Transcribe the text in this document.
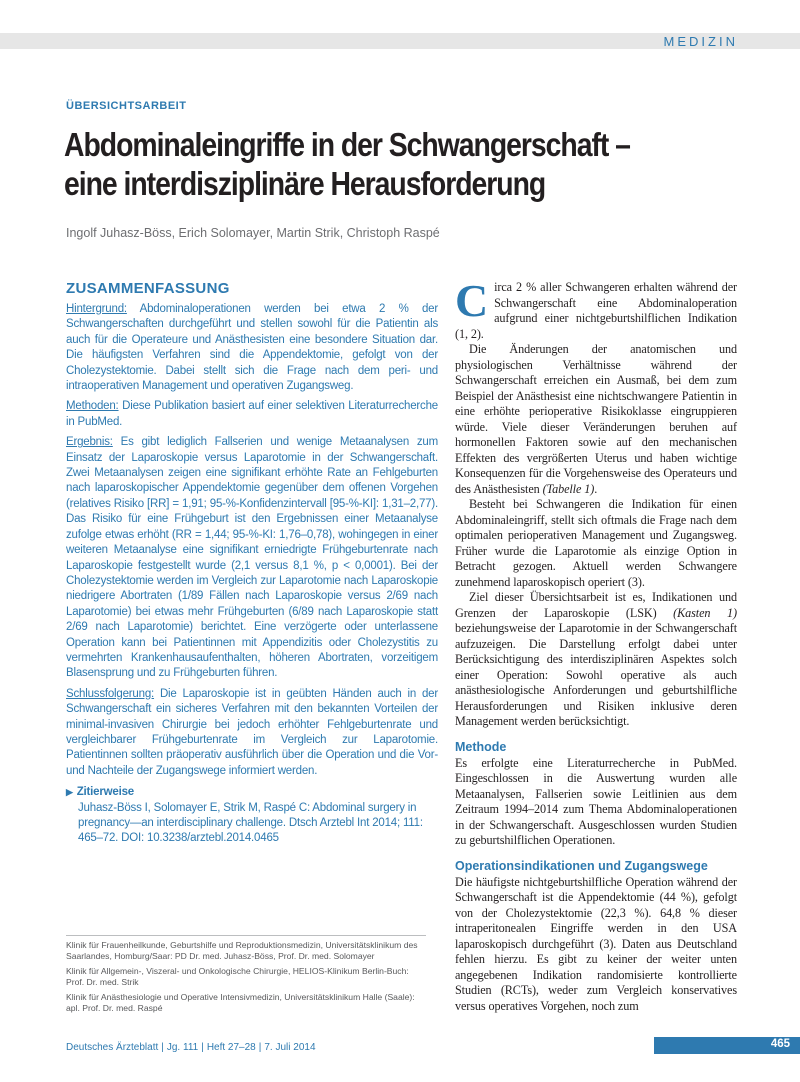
MEDIZIN
ÜBERSICHTSARBEIT
Abdominaleingriffe in der Schwangerschaft –
eine interdisziplinäre Herausforderung
Ingolf Juhasz-Böss, Erich Solomayer, Martin Strik, Christoph Raspé
ZUSAMMENFASSUNG

Hintergrund: Abdominaloperationen werden bei etwa 2 % der Schwangerschaften durchgeführt und stellen sowohl für die Patientin als auch für die Operateure und Anästhesisten eine besondere Situation dar. Die häufigsten Verfahren sind die Appendektomie, gefolgt von der Cholezystektomie. Dabei stellt sich die Frage nach dem peri- und intraoperativen Management und operativen Zugangsweg.

Methoden: Diese Publikation basiert auf einer selektiven Literaturrecherche in PubMed.

Ergebnis: Es gibt lediglich Fallserien und wenige Metaanalysen zum Einsatz der Laparoskopie versus Laparotomie in der Schwangerschaft. Zwei Metaanalysen zeigen eine signifikant erhöhte Rate an Fehlgeburten nach laparoskopischer Appendektomie gegenüber dem offenen Vorgehen (relatives Risiko [RR] = 1,91; 95-%-Konfidenzintervall [95-%-KI]: 1,31–2,77). Das Risiko für eine Frühgeburt ist den Ergebnissen einer Metaanalyse zufolge etwas erhöht (RR = 1,44; 95-%-KI: 1,76–0,78), wohingegen in einer weiteren Metaanalyse eine signifikant erniedrigte Frühgeburtenrate nach Laparoskopie festgestellt wurde (2,1 versus 8,1 %, p < 0,0001). Bei der Cholezystektomie werden im Vergleich zur Laparotomie nach Laparoskopie niedrigere Abortraten (1/89 Fällen nach Laparoskopie versus 2/69 nach Laparotomie) bei etwas mehr Frühgeburten (6/89 nach Laparoskopie statt 2/69 nach Laparotomie) berichtet. Eine verzögerte oder unterlassene Operation kann bei Patientinnen mit Appendizitis oder Cholezystitis zu vermehrten Krankenhausaufenthalten, höheren Abortraten, vorzeitigem Blasensprung und zu Frühgeburten führen.

Schlussfolgerung: Die Laparoskopie ist in geübten Händen auch in der Schwangerschaft ein sicheres Verfahren mit den bekannten Vorteilen der minimal-invasiven Chirurgie bei jedoch erhöhter Fehlgeburtenrate und vergleichbarer Frühgeburtenrate im Vergleich zur Laparotomie. Patientinnen sollten präoperativ ausführlich über die Operation und die Vor- und Nachteile der Zugangswege informiert werden.

▶ Zitierweise
Juhasz-Böss I, Solomayer E, Strik M, Raspé C: Abdominal surgery in pregnancy—an interdisciplinary challenge. Dtsch Arztebl Int 2014; 111: 465–72. DOI: 10.3238/arztebl.2014.0465

Klinik für Frauenheilkunde, Geburtshilfe und Reproduktionsmedizin, Universitätsklinikum des Saarlandes, Homburg/Saar: PD Dr. med. Juhasz-Böss, Prof. Dr. med. Solomayer

Klinik für Allgemein-, Viszeral- und Onkologische Chirurgie, HELIOS-Klinikum Berlin-Buch: Prof. Dr. med. Strik

Klinik für Anästhesiologie und Operative Intensivmedizin, Universitätsklinikum Halle (Saale): apl. Prof. Dr. med. Raspé

Circa 2 % aller Schwangeren erhalten während der Schwangerschaft eine Abdominaloperation aufgrund einer nichtgeburtshilflichen Indikation (1, 2).

Die Änderungen der anatomischen und physiologischen Verhältnisse während der Schwangerschaft erreichen ein Ausmaß, bei dem zum Beispiel der Anästhesist eine nichtschwangere Patientin in eine erhöhte perioperative Risikoklasse eingruppieren würde. Viele dieser Veränderungen beruhen auf hormonellen Faktoren sowie auf den mechanischen Effekten des vergrößerten Uterus und haben wichtige Konsequenzen für die Vorgehensweise des Operateurs und des Anästhesisten (Tabelle 1).

Besteht bei Schwangeren die Indikation für einen Abdominaleingriff, stellt sich oftmals die Frage nach dem optimalen perioperativen Management und Zugangsweg. Früher wurde die Laparotomie als einzige Option in Betracht gezogen. Aktuell werden Schwangere zunehmend laparoskopisch operiert (3).

Ziel dieser Übersichtsarbeit ist es, Indikationen und Grenzen der Laparoskopie (LSK) (Kasten 1) beziehungsweise der Laparotomie in der Schwangerschaft aufzuzeigen. Die Darstellung erfolgt dabei unter Berücksichtigung des interdisziplinären Aspektes solch einer Operation: Sowohl operative als auch anästhesiologische Anforderungen und geburtshilfliche Herausforderungen und Risiken inklusive deren Management werden berücksichtigt.

Methode

Es erfolgte eine Literaturrecherche in PubMed. Eingeschlossen in die Auswertung wurden alle Metaanalysen, Fallserien sowie Leitlinien aus dem Zeitraum 1994–2014 zum Thema Abdominaloperationen in der Schwangerschaft. Ausgeschlossen wurden Studien zu geburtshilflichen Operationen.

Operationsindikationen und Zugangswege

Die häufigste nichtgeburtshilfliche Operation während der Schwangerschaft ist die Appendektomie (44 %), gefolgt von der Cholezystektomie (22,3 %). 64,8 % dieser intraperitonealen Eingriffe werden in den USA laparoskopisch durchgeführt (3). Daten aus Deutschland fehlen hierzu. Es gibt zu keiner der weiter unten angegebenen Indikation randomisierte kontrollierte Studien (RCTs), weder zum Vergleich konservatives versus operatives Vorgehen, noch zum

Deutsches Ärzteblatt | Jg. 111 | Heft 27–28 | 7. Juli 2014	465
